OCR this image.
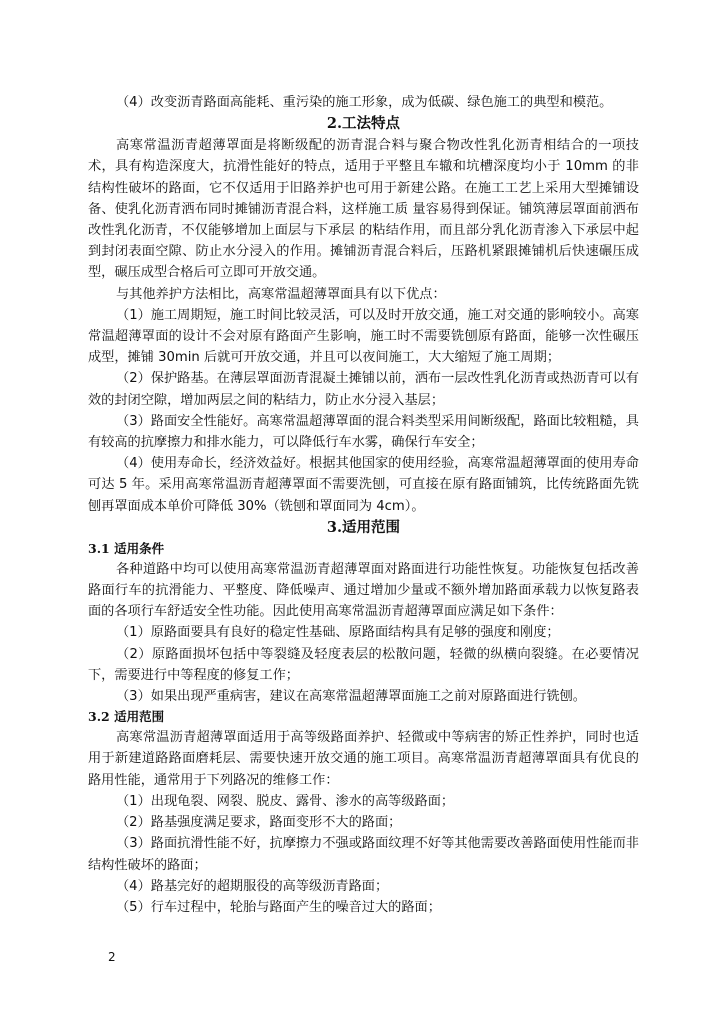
（4）改变沥青路面高能耗、重污染的施工形象，成为低碳、绿色施工的典型和模范。

2.工法特点

高寒常温沥青超薄罩面是将断级配的沥青混合料与聚合物改性乳化沥青相结合的一项技术，具有构造深度大，抗滑性能好的特点，适用于平整且车辙和坑槽深度均小于 10mm 的非结构性破坏的路面，它不仅适用于旧路养护也可用于新建公路。在施工工艺上采用大型摊铺设备、使乳化沥青洒布同时摊铺沥青混合料，这样施工质 量容易得到保证。铺筑薄层罩面前洒布改性乳化沥青，不仅能够增加上面层与下承层 的粘结作用，而且部分乳化沥青渗入下承层中起到封闭表面空隙、防止水分浸入的作用。摊铺沥青混合料后，压路机紧跟摊铺机后快速碾压成型，碾压成型合格后可立即可开放交通。

与其他养护方法相比，高寒常温超薄罩面具有以下优点：

（1）施工周期短，施工时间比较灵活，可以及时开放交通，施工对交通的影响较小。高寒常温超薄罩面的设计不会对原有路面产生影响，施工时不需要铣刨原有路面，能够一次性碾压成型，摊铺 30min 后就可开放交通，并且可以夜间施工，大大缩短了施工周期；

（2）保护路基。在薄层罩面沥青混凝土摊铺以前，洒布一层改性乳化沥青或热沥青可以有效的封闭空隙，增加两层之间的粘结力，防止水分浸入基层；

（3）路面安全性能好。高寒常温超薄罩面的混合料类型采用间断级配，路面比较粗糙，具有较高的抗摩擦力和排水能力，可以降低行车水雾，确保行车安全；

（4）使用寿命长，经济效益好。根据其他国家的使用经验，高寒常温超薄罩面的使用寿命可达 5 年。采用高寒常温沥青超薄罩面不需要洗刨，可直接在原有路面铺筑，比传统路面先铣刨再罩面成本单价可降低 30%（铣刨和罩面同为 4cm）。

3.适用范围
3.1 适用条件

各种道路中均可以使用高寒常温沥青超薄罩面对路面进行功能性恢复。功能恢复包括改善路面行车的抗滑能力、平整度、降低噪声、通过增加少量或不额外增加路面承载力以恢复路表面的各项行车舒适安全性功能。因此使用高寒常温沥青超薄罩面应满足如下条件：

（1）原路面要具有良好的稳定性基础、原路面结构具有足够的强度和刚度；

（2）原路面损坏包括中等裂缝及轻度表层的松散问题，轻微的纵横向裂缝。在必要情况下，需要进行中等程度的修复工作；

（3）如果出现严重病害，建议在高寒常温超薄罩面施工之前对原路面进行铣刨。

3.2 适用范围

高寒常温沥青超薄罩面适用于高等级路面养护、轻微或中等病害的矫正性养护，同时也适用于新建道路路面磨耗层、需要快速开放交通的施工项目。高寒常温沥青超薄罩面具有优良的路用性能，通常用于下列路况的维修工作：

（1）出现龟裂、网裂、脱皮、露骨、渗水的高等级路面；

（2）路基强度满足要求，路面变形不大的路面；

（3）路面抗滑性能不好，抗摩擦力不强或路面纹理不好等其他需要改善路面使用性能而非结构性破坏的路面；

（4）路基完好的超期服役的高等级沥青路面；

（5）行车过程中，轮胎与路面产生的噪音过大的路面；

2
